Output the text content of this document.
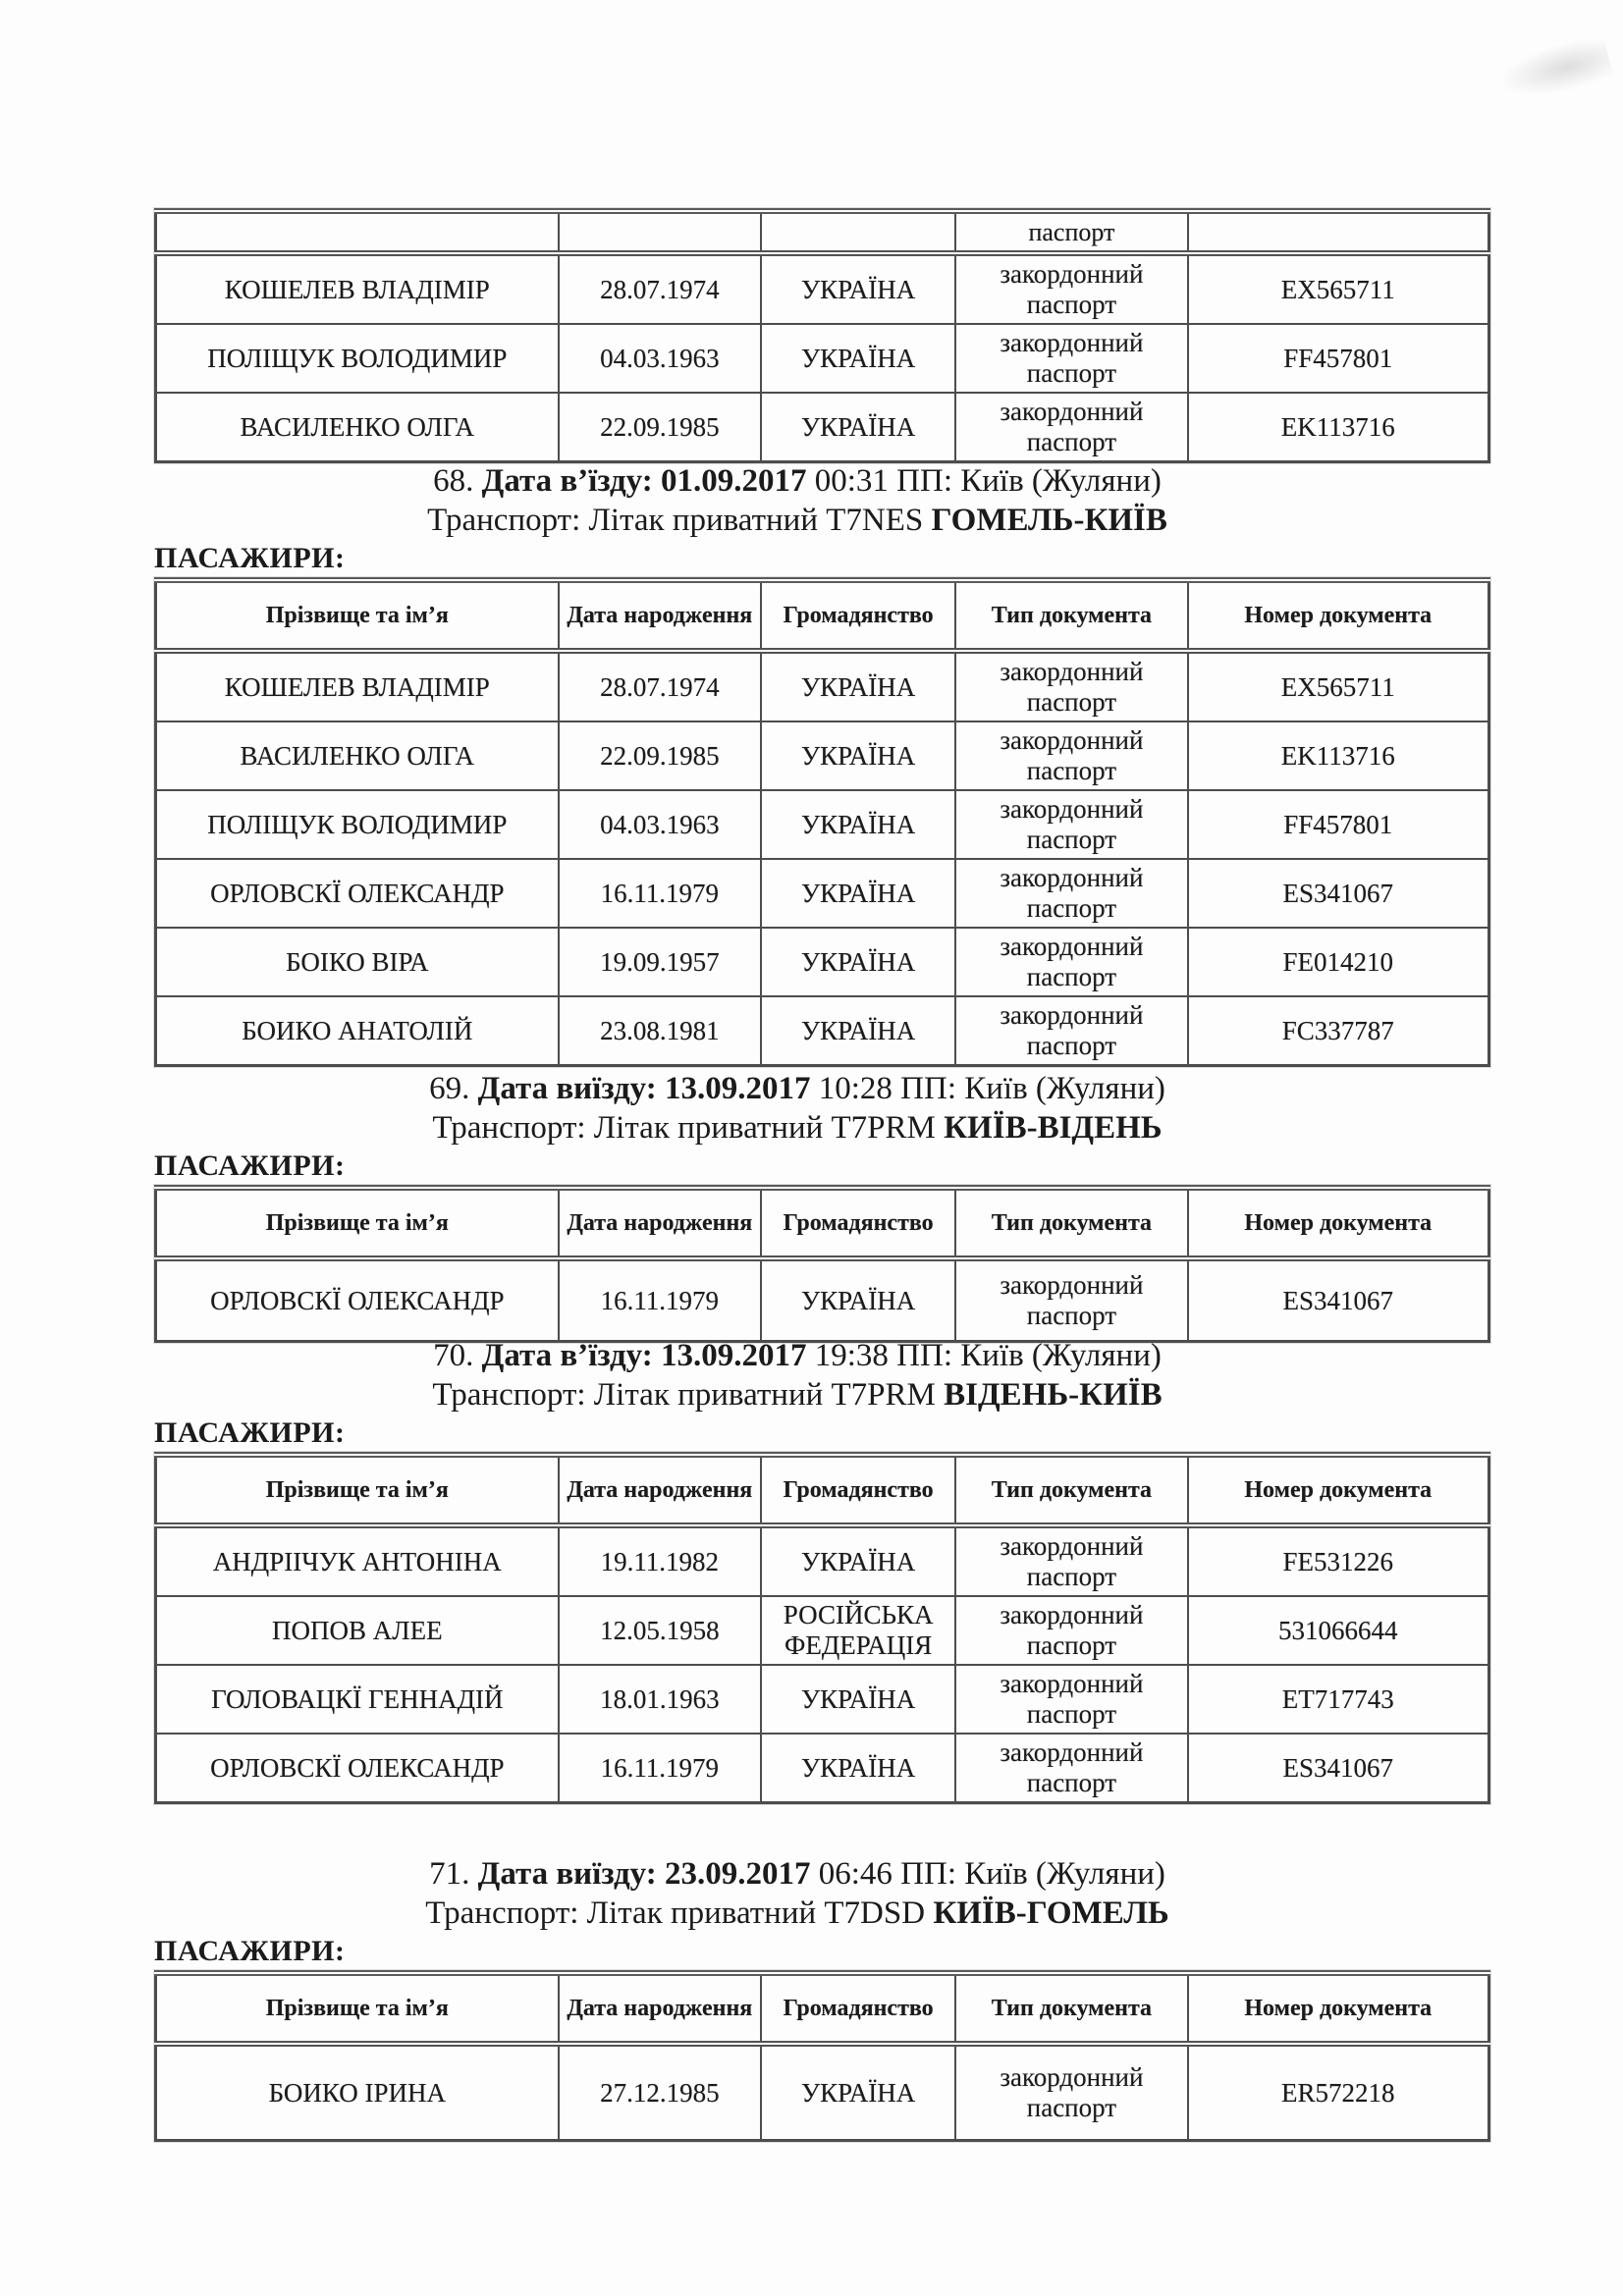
			паспорт	
КОШЕЛЕВ ВЛАДІМІР	28.07.1974	УКРАЇНА	закордонний паспорт	EX565711
ПОЛІЩУК ВОЛОДИМИР	04.03.1963	УКРАЇНА	закордонний паспорт	FF457801
ВАСИЛЕНКО ОЛГА	22.09.1985	УКРАЇНА	закордонний паспорт	EK113716
68. Дата в’їзду: 01.09.2017 00:31 ПП: Київ (Жуляни)
Транспорт: Літак приватний T7NES ГОМЕЛЬ-КИЇВ
ПАСАЖИРИ:
Прізвище та ім’я	Дата народження	Громадянство	Тип документа	Номер документа
КОШЕЛЕВ ВЛАДІМІР	28.07.1974	УКРАЇНА	закордонний паспорт	EX565711
ВАСИЛЕНКО ОЛГА	22.09.1985	УКРАЇНА	закордонний паспорт	EK113716
ПОЛІЩУК ВОЛОДИМИР	04.03.1963	УКРАЇНА	закордонний паспорт	FF457801
ОРЛОВСКЇ ОЛЕКСАНДР	16.11.1979	УКРАЇНА	закордонний паспорт	ES341067
БОІКО ВІРА	19.09.1957	УКРАЇНА	закордонний паспорт	FE014210
БОИКО АНАТОЛІЙ	23.08.1981	УКРАЇНА	закордонний паспорт	FC337787
69. Дата виїзду: 13.09.2017 10:28 ПП: Київ (Жуляни)
Транспорт: Літак приватний T7PRM КИЇВ-ВІДЕНЬ
ПАСАЖИРИ:
Прізвище та ім’я	Дата народження	Громадянство	Тип документа	Номер документа
ОРЛОВСКЇ ОЛЕКСАНДР	16.11.1979	УКРАЇНА	закордонний паспорт	ES341067
70. Дата в’їзду: 13.09.2017 19:38 ПП: Київ (Жуляни)
Транспорт: Літак приватний T7PRM ВІДЕНЬ-КИЇВ
ПАСАЖИРИ:
Прізвище та ім’я	Дата народження	Громадянство	Тип документа	Номер документа
АНДРІІЧУК АНТОНІНА	19.11.1982	УКРАЇНА	закордонний паспорт	FE531226
ПОПОВ АЛЕЕ	12.05.1958	РОСІЙСЬКА ФЕДЕРАЦІЯ	закордонний паспорт	531066644
ГОЛОВАЦКЇ ГЕННАДІЙ	18.01.1963	УКРАЇНА	закордонний паспорт	ET717743
ОРЛОВСКЇ ОЛЕКСАНДР	16.11.1979	УКРАЇНА	закордонний паспорт	ES341067
71. Дата виїзду: 23.09.2017 06:46 ПП: Київ (Жуляни)
Транспорт: Літак приватний T7DSD КИЇВ-ГОМЕЛЬ
ПАСАЖИРИ:
Прізвище та ім’я	Дата народження	Громадянство	Тип документа	Номер документа
БОИКО ІРИНА	27.12.1985	УКРАЇНА	закордонний паспорт	ER572218
